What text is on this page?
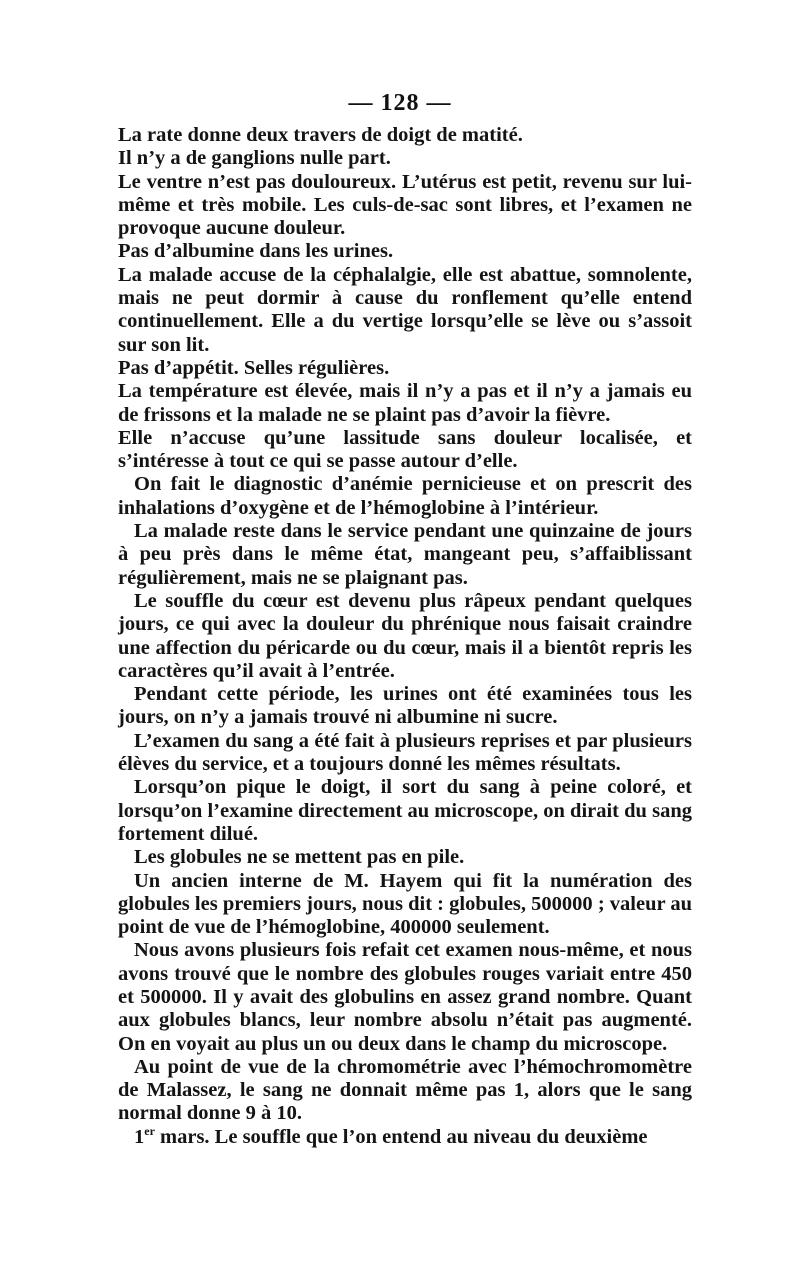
— 128 —

La rate donne deux travers de doigt de matité.

Il n’y a de ganglions nulle part.

Le ventre n’est pas douloureux. L’utérus est petit, revenu sur lui-même et très mobile. Les culs-de-sac sont libres, et l’examen ne provoque aucune douleur.

Pas d’albumine dans les urines.

La malade accuse de la céphalalgie, elle est abattue, somnolente, mais ne peut dormir à cause du ronflement qu’elle entend continuellement. Elle a du vertige lorsqu’elle se lève ou s’assoit sur son lit.

Pas d’appétit. Selles régulières.

La température est élevée, mais il n’y a pas et il n’y a jamais eu de frissons et la malade ne se plaint pas d’avoir la fièvre.

Elle n’accuse qu’une lassitude sans douleur localisée, et s’intéresse à tout ce qui se passe autour d’elle.

On fait le diagnostic d’anémie pernicieuse et on prescrit des inhalations d’oxygène et de l’hémoglobine à l’intérieur.

La malade reste dans le service pendant une quinzaine de jours à peu près dans le même état, mangeant peu, s’affaiblissant régulièrement, mais ne se plaignant pas.

Le souffle du cœur est devenu plus râpeux pendant quelques jours, ce qui avec la douleur du phrénique nous faisait craindre une affection du péricarde ou du cœur, mais il a bientôt repris les caractères qu’il avait à l’entrée.

Pendant cette période, les urines ont été examinées tous les jours, on n’y a jamais trouvé ni albumine ni sucre.

L’examen du sang a été fait à plusieurs reprises et par plusieurs élèves du service, et a toujours donné les mêmes résultats.

Lorsqu’on pique le doigt, il sort du sang à peine coloré, et lorsqu’on l’examine directement au microscope, on dirait du sang fortement dilué.

Les globules ne se mettent pas en pile.

Un ancien interne de M. Hayem qui fit la numération des globules les premiers jours, nous dit : globules, 500000 ; valeur au point de vue de l’hémoglobine, 400000 seulement.

Nous avons plusieurs fois refait cet examen nous-même, et nous avons trouvé que le nombre des globules rouges variait entre 450 et 500000. Il y avait des globulins en assez grand nombre. Quant aux globules blancs, leur nombre absolu n’était pas augmenté. On en voyait au plus un ou deux dans le champ du microscope.

Au point de vue de la chromométrie avec l’hémochromomètre de Malassez, le sang ne donnait même pas 1, alors que le sang normal donne 9 à 10.

1er mars. Le souffle que l’on entend au niveau du deuxième
